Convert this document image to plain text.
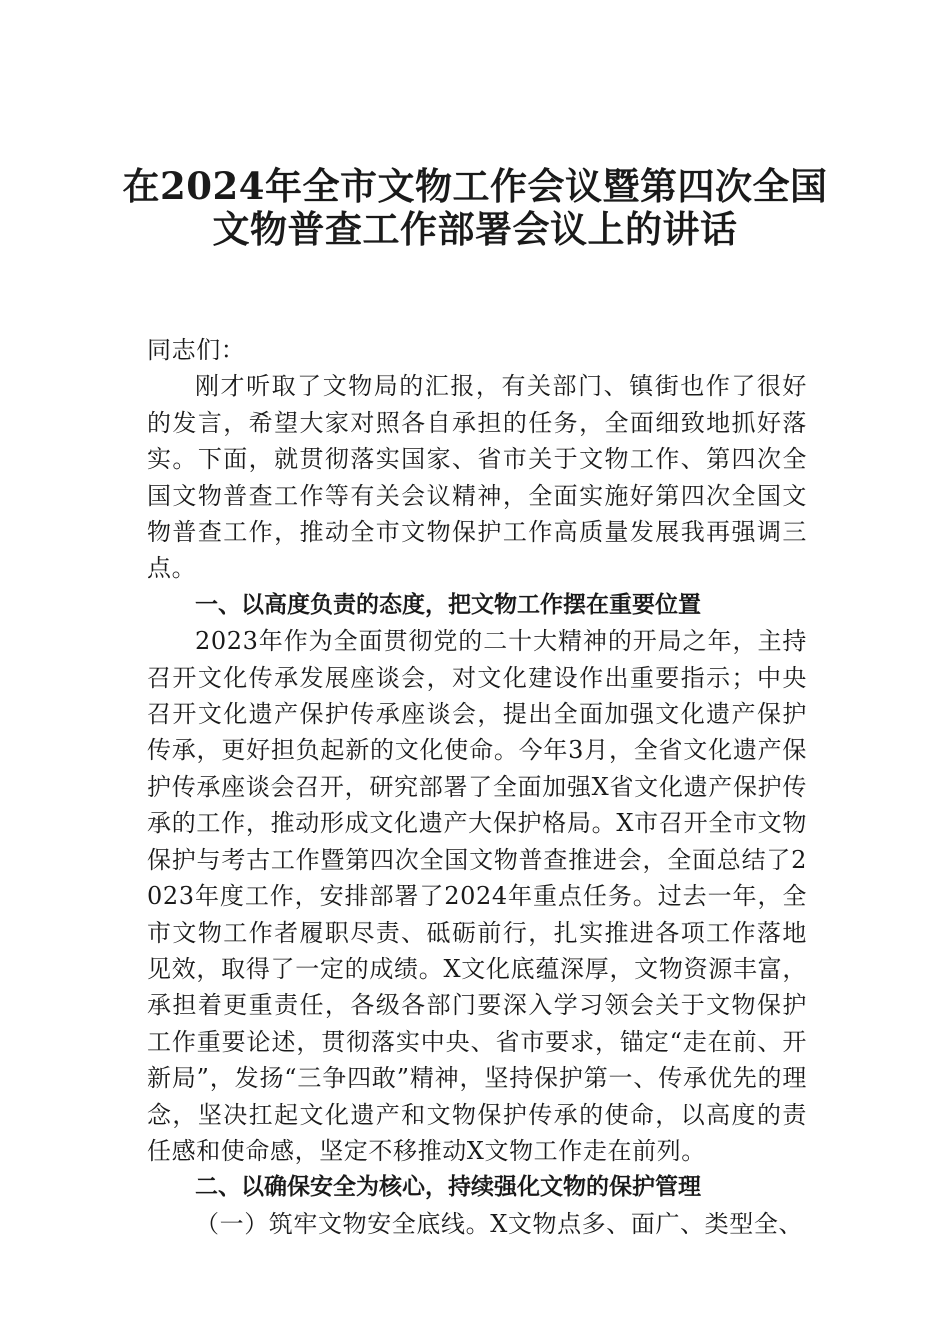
在2024年全市文物工作会议暨第四次全国
文物普查工作部署会议上的讲话

同志们：

刚才听取了文物局的汇报，有关部门、镇街也作了很好的发言，希望大家对照各自承担的任务，全面细致地抓好落实。下面，就贯彻落实国家、省市关于文物工作、第四次全国文物普查工作等有关会议精神，全面实施好第四次全国文物普查工作，推动全市文物保护工作高质量发展我再强调三点。

一、以高度负责的态度，把文物工作摆在重要位置

2023年作为全面贯彻党的二十大精神的开局之年，主持召开文化传承发展座谈会，对文化建设作出重要指示；中央召开文化遗产保护传承座谈会，提出全面加强文化遗产保护传承，更好担负起新的文化使命。今年3月，全省文化遗产保护传承座谈会召开，研究部署了全面加强X省文化遗产保护传承的工作，推动形成文化遗产大保护格局。X市召开全市文物保护与考古工作暨第四次全国文物普查推进会，全面总结了2023年度工作，安排部署了2024年重点任务。过去一年，全市文物工作者履职尽责、砥砺前行，扎实推进各项工作落地见效，取得了一定的成绩。X文化底蕴深厚，文物资源丰富，承担着更重责任，各级各部门要深入学习领会关于文物保护工作重要论述，贯彻落实中央、省市要求，锚定“走在前、开新局”，发扬“三争四敢”精神，坚持保护第一、传承优先的理念，坚决扛起文化遗产和文物保护传承的使命，以高度的责任感和使命感，坚定不移推动X文物工作走在前列。

二、以确保安全为核心，持续强化文物的保护管理

（一）筑牢文物安全底线。X文物点多、面广、类型全、
